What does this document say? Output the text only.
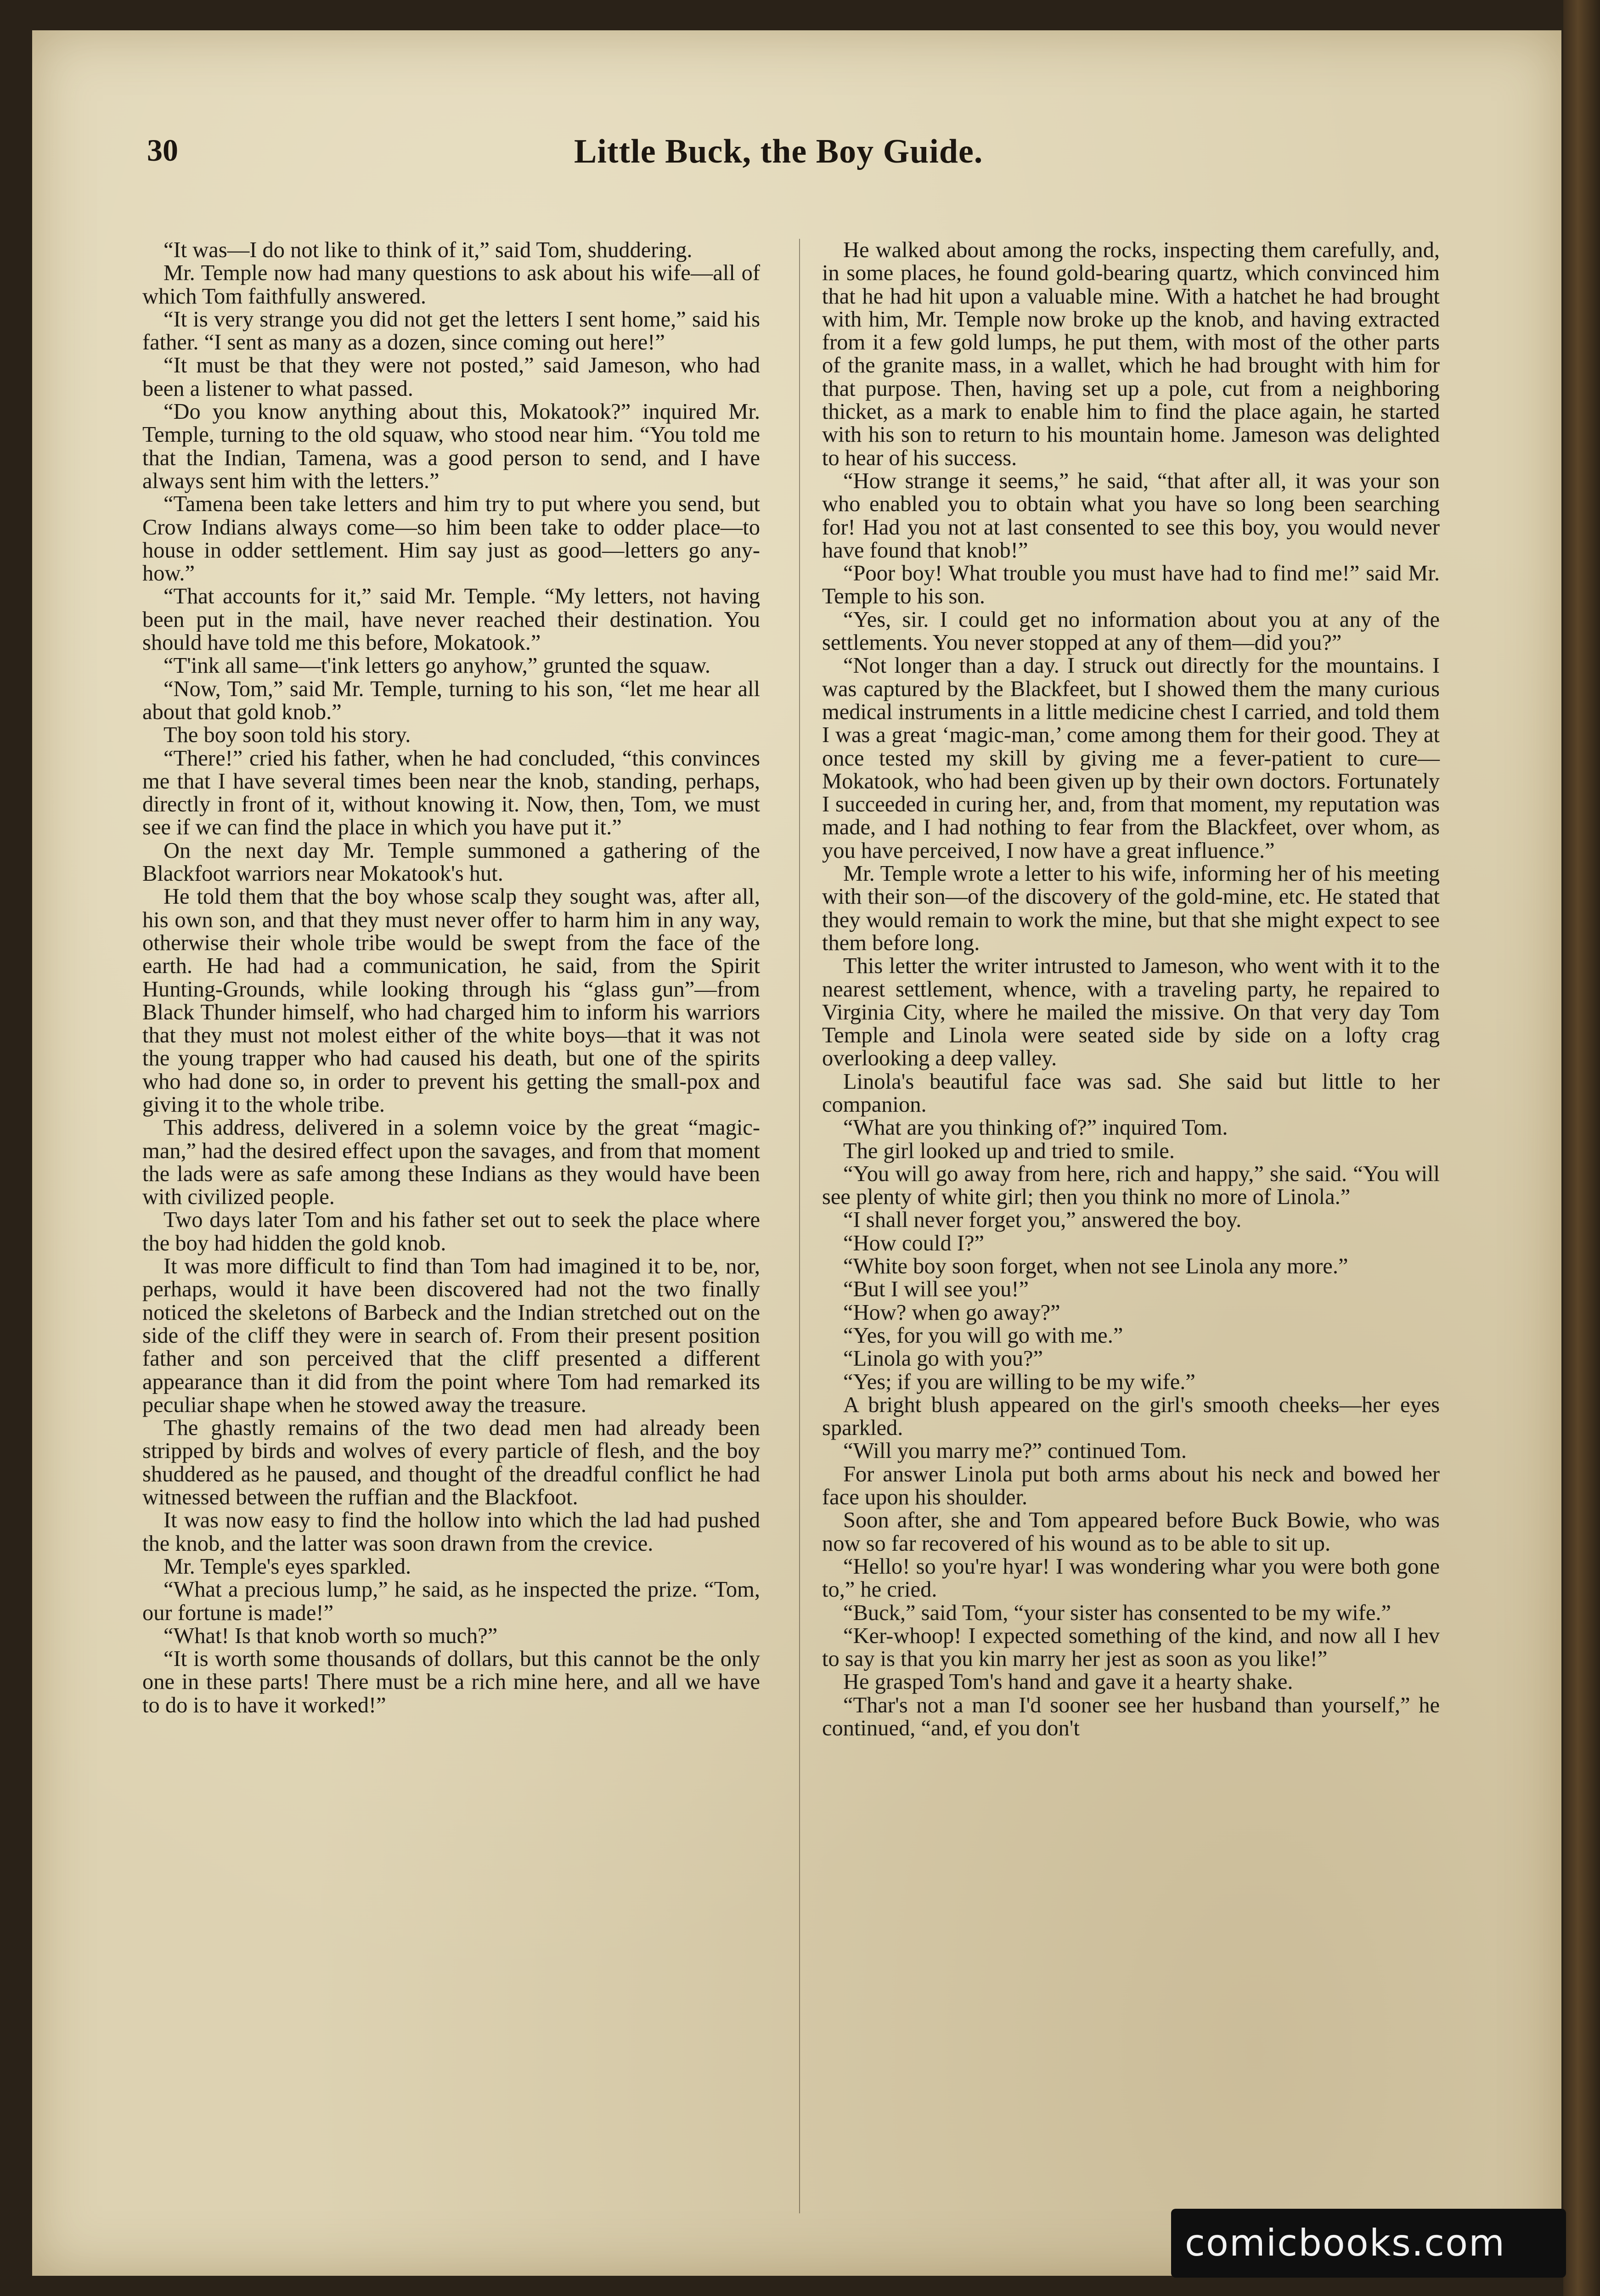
30	Little Buck, the Boy Guide.

“It was—I do not like to think of it,” said Tom, shuddering.

Mr. Temple now had many questions to ask about his wife—all of which Tom faithfully answered.

“It is very strange you did not get the letters I sent home,” said his father. “I sent as many as a dozen, since coming out here!”

“It must be that they were not posted,” said Jameson, who had been a listener to what passed.

“Do you know anything about this, Mokatook?” inquired Mr. Temple, turning to the old squaw, who stood near him. “You told me that the Indian, Tamena, was a good person to send, and I have always sent him with the letters.”

“Tamena been take letters and him try to put where you send, but Crow Indians always come—so him been take to odder place—to house in odder settlement. Him say just as good—letters go any-how.”

“That accounts for it,” said Mr. Temple. “My letters, not having been put in the mail, have never reached their destination. You should have told me this before, Mokatook.”

“T'ink all same—t'ink letters go anyhow,” grunted the squaw.

“Now, Tom,” said Mr. Temple, turning to his son, “let me hear all about that gold knob.”

The boy soon told his story.

“There!” cried his father, when he had concluded, “this convinces me that I have several times been near the knob, standing, perhaps, directly in front of it, without knowing it. Now, then, Tom, we must see if we can find the place in which you have put it.”

On the next day Mr. Temple summoned a gathering of the Blackfoot warriors near Mokatook's hut.

He told them that the boy whose scalp they sought was, after all, his own son, and that they must never offer to harm him in any way, otherwise their whole tribe would be swept from the face of the earth. He had had a communication, he said, from the Spirit Hunting-Grounds, while looking through his “glass gun”—from Black Thunder himself, who had charged him to inform his warriors that they must not molest either of the white boys—that it was not the young trapper who had caused his death, but one of the spirits who had done so, in order to prevent his getting the small-pox and giving it to the whole tribe.

This address, delivered in a solemn voice by the great “magic-man,” had the desired effect upon the savages, and from that moment the lads were as safe among these Indians as they would have been with civilized people.

Two days later Tom and his father set out to seek the place where the boy had hidden the gold knob.

It was more difficult to find than Tom had imagined it to be, nor, perhaps, would it have been discovered had not the two finally noticed the skeletons of Barbeck and the Indian stretched out on the side of the cliff they were in search of. From their present position father and son perceived that the cliff presented a different appearance than it did from the point where Tom had remarked its peculiar shape when he stowed away the treasure.

The ghastly remains of the two dead men had already been stripped by birds and wolves of every particle of flesh, and the boy shuddered as he paused, and thought of the dreadful conflict he had witnessed between the ruffian and the Blackfoot.

It was now easy to find the hollow into which the lad had pushed the knob, and the latter was soon drawn from the crevice.

Mr. Temple's eyes sparkled.

“What a precious lump,” he said, as he inspected the prize. “Tom, our fortune is made!”

“What! Is that knob worth so much?”

“It is worth some thousands of dollars, but this cannot be the only one in these parts! There must be a rich mine here, and all we have to do is to have it worked!”

He walked about among the rocks, inspecting them carefully, and, in some places, he found gold-bearing quartz, which convinced him that he had hit upon a valuable mine. With a hatchet he had brought with him, Mr. Temple now broke up the knob, and having extracted from it a few gold lumps, he put them, with most of the other parts of the granite mass, in a wallet, which he had brought with him for that purpose. Then, having set up a pole, cut from a neighboring thicket, as a mark to enable him to find the place again, he started with his son to return to his mountain home. Jameson was delighted to hear of his success.

“How strange it seems,” he said, “that after all, it was your son who enabled you to obtain what you have so long been searching for! Had you not at last consented to see this boy, you would never have found that knob!”

“Poor boy! What trouble you must have had to find me!” said Mr. Temple to his son.

“Yes, sir. I could get no information about you at any of the settlements. You never stopped at any of them—did you?”

“Not longer than a day. I struck out directly for the mountains. I was captured by the Blackfeet, but I showed them the many curious medical instruments in a little medicine chest I carried, and told them I was a great ‘magic-man,’ come among them for their good. They at once tested my skill by giving me a fever-patient to cure—Mokatook, who had been given up by their own doctors. Fortunately I succeeded in curing her, and, from that moment, my reputation was made, and I had nothing to fear from the Blackfeet, over whom, as you have perceived, I now have a great influence.”

Mr. Temple wrote a letter to his wife, informing her of his meeting with their son—of the discovery of the gold-mine, etc. He stated that they would remain to work the mine, but that she might expect to see them before long.

This letter the writer intrusted to Jameson, who went with it to the nearest settlement, whence, with a traveling party, he repaired to Virginia City, where he mailed the missive. On that very day Tom Temple and Linola were seated side by side on a lofty crag overlooking a deep valley.

Linola's beautiful face was sad. She said but little to her companion.

“What are you thinking of?” inquired Tom.

The girl looked up and tried to smile.

“You will go away from here, rich and happy,” she said. “You will see plenty of white girl; then you think no more of Linola.”

“I shall never forget you,” answered the boy.

“How could I?”

“White boy soon forget, when not see Linola any more.”

“But I will see you!”

“How? when go away?”

“Yes, for you will go with me.”

“Linola go with you?”

“Yes; if you are willing to be my wife.”

A bright blush appeared on the girl's smooth cheeks—her eyes sparkled.

“Will you marry me?” continued Tom.

For answer Linola put both arms about his neck and bowed her face upon his shoulder.

Soon after, she and Tom appeared before Buck Bowie, who was now so far recovered of his wound as to be able to sit up.

“Hello! so you're hyar! I was wondering whar you were both gone to,” he cried.

“Buck,” said Tom, “your sister has consented to be my wife.”

“Ker-whoop! I expected something of the kind, and now all I hev to say is that you kin marry her jest as soon as you like!”

He grasped Tom's hand and gave it a hearty shake.

“Thar's not a man I'd sooner see her husband than yourself,” he continued, “and, ef you don't

comicbooks.com
